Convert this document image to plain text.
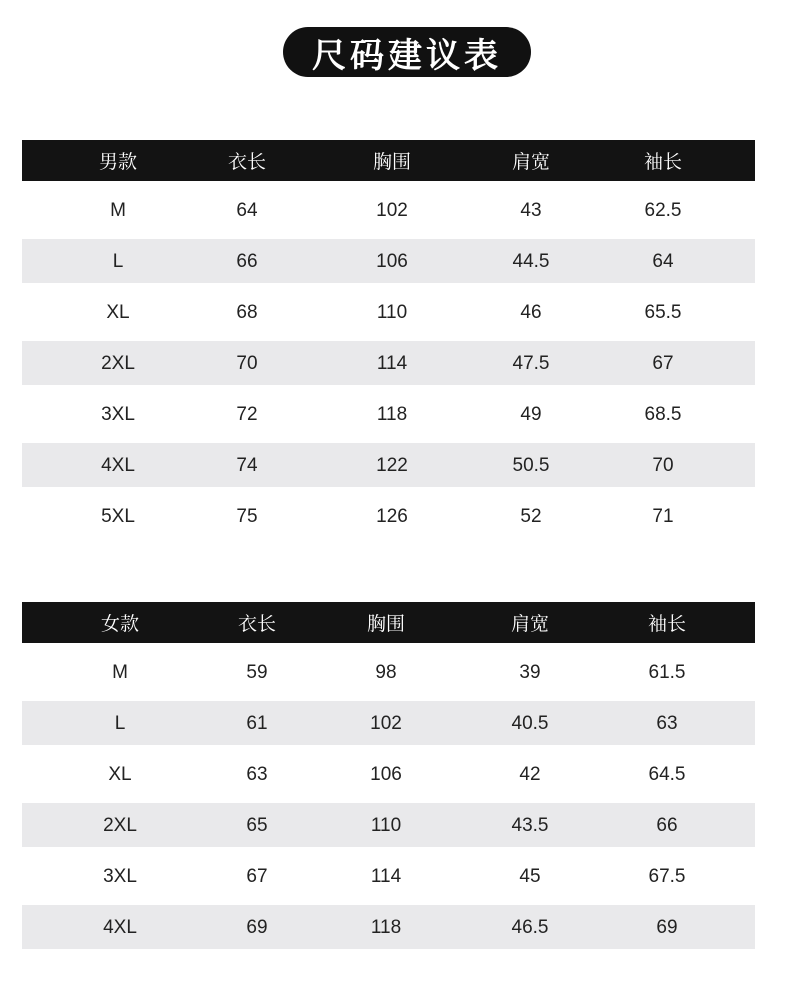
尺码建议表
男款	衣长	胸围	肩宽	袖长
M	64	102	43	62.5
L	66	106	44.5	64
XL	68	110	46	65.5
2XL	70	114	47.5	67
3XL	72	118	49	68.5
4XL	74	122	50.5	70
5XL	75	126	52	71
女款	衣长	胸围	肩宽	袖长
M	59	98	39	61.5
L	61	102	40.5	63
XL	63	106	42	64.5
2XL	65	110	43.5	66
3XL	67	114	45	67.5
4XL	69	118	46.5	69
